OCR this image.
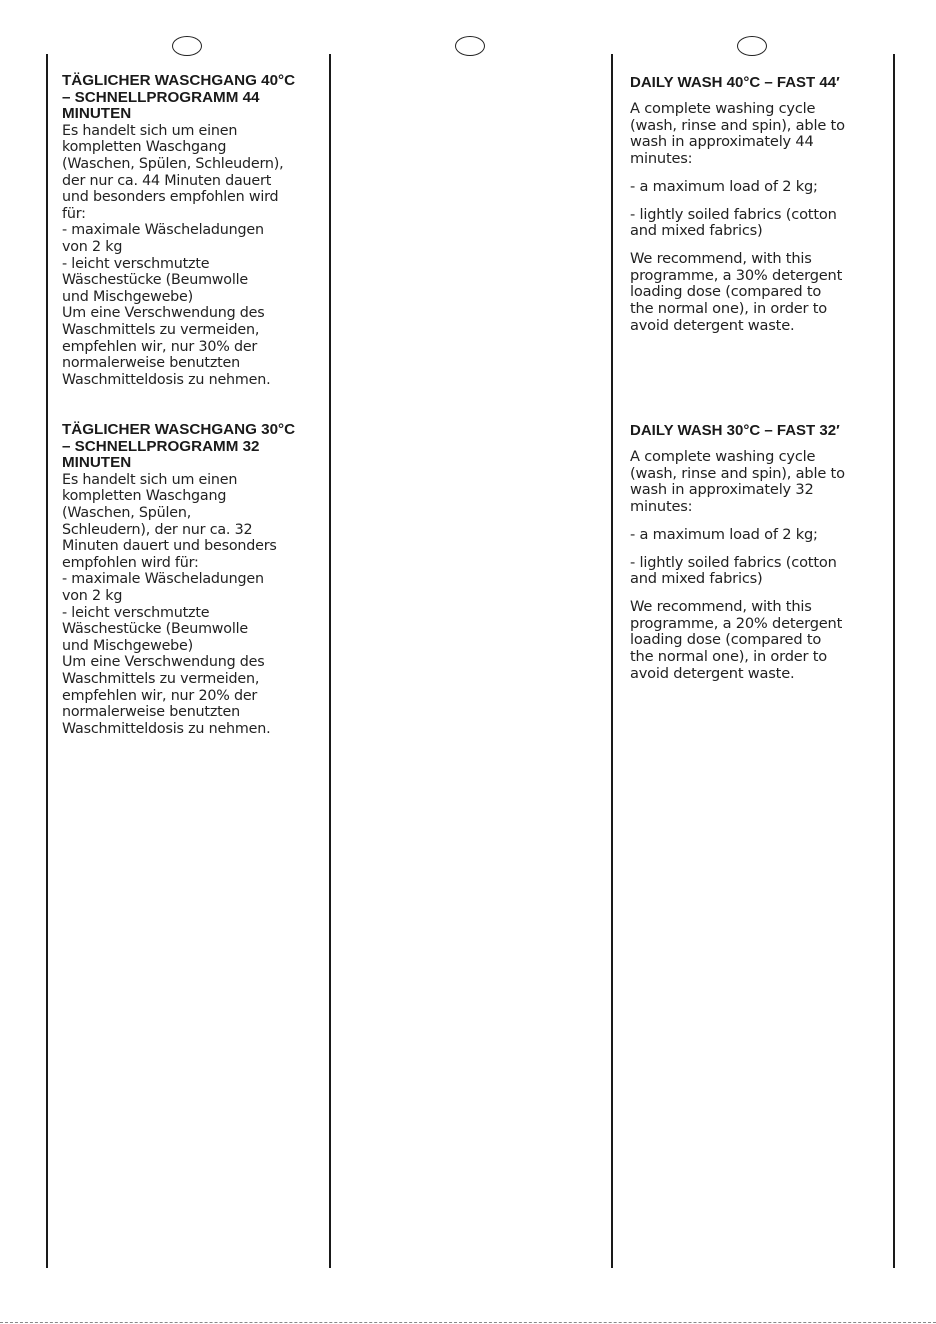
TÄGLICHER WASCHGANG 40°C
– SCHNELLPROGRAMM 44
MINUTEN
Es handelt sich um einen
kompletten Waschgang
(Waschen, Spülen, Schleudern),
der nur ca. 44 Minuten dauert
und besonders empfohlen wird
für:
- maximale Wäscheladungen
von 2 kg
- leicht verschmutzte
Wäschestücke (Beumwolle
und Mischgewebe)
Um eine Verschwendung des
Waschmittels zu vermeiden,
empfehlen wir, nur 30% der
normalerweise benutzten
Waschmitteldosis zu nehmen.
TÄGLICHER WASCHGANG 30°C
– SCHNELLPROGRAMM 32
MINUTEN
Es handelt sich um einen
kompletten Waschgang
(Waschen, Spülen,
Schleudern), der nur ca. 32
Minuten dauert und besonders
empfohlen wird für:
- maximale Wäscheladungen
von 2 kg
- leicht verschmutzte
Wäschestücke (Beumwolle
und Mischgewebe)
Um eine Verschwendung des
Waschmittels zu vermeiden,
empfehlen wir, nur 20% der
normalerweise benutzten
Waschmitteldosis zu nehmen.
DAILY WASH 40°C – FAST 44′
A complete washing cycle
(wash, rinse and spin), able to
wash in approximately 44
minutes:
- a maximum load of 2 kg;
- lightly soiled fabrics (cotton
and mixed fabrics)
We recommend, with this
programme, a 30% detergent
loading dose (compared to
the normal one), in order to
avoid detergent waste.
DAILY WASH 30°C – FAST 32′
A complete washing cycle
(wash, rinse and spin), able to
wash in approximately 32
minutes:
- a maximum load of 2 kg;
- lightly soiled fabrics (cotton
and mixed fabrics)
We recommend, with this
programme, a 20% detergent
loading dose (compared to
the normal one), in order to
avoid detergent waste.
